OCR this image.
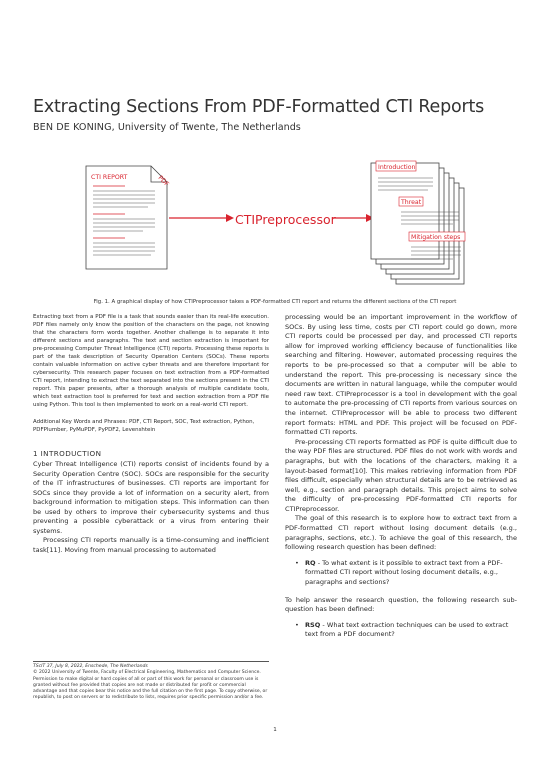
Extracting Sections From PDF-Formatted CTI Reports
BEN DE KONING, University of Twente, The Netherlands
CTI REPORT	PDF
CTIPreprocessor
Introduction
Threat
Mitigation steps
Fig. 1. A graphical display of how CTIPreprocessor takes a PDF-formatted CTI report and returns the different sections of the CTI report
Extracting text from a PDF file is a task that sounds easier than its real-life execution. PDF files namely only know the position of the characters on the page, not knowing that the characters form words together. Another challenge is to separate it into different sections and paragraphs. The text and section extraction is important for pre-processing Computer Threat Intelligence (CTI) reports. Processing these reports is part of the task description of Security Operation Centers (SOCs). These reports contain valuable information on active cyber threats and are therefore important for cybersecurity. This research paper focuses on text extraction from a PDF-formatted CTI report, intending to extract the text separated into the sections present in the CTI report. This paper presents, after a thorough analysis of multiple candidate tools, which text extraction tool is preferred for text and section extraction from a PDF file using Python. This tool is then implemented to work on a real-world CTI report.
Additional Key Words and Phrases: PDF, CTI Report, SOC, Text extraction, Python, PDFPlumber, PyMuPDF, PyPDF2, Levenshtein
1 INTRODUCTION

Cyber Threat Intelligence (CTI) reports consist of incidents found by a Security Operation Centre (SOC). SOCs are responsible for the security of the IT infrastructures of businesses. CTI reports are important for SOCs since they provide a lot of information on a security alert, from background information to mitigation steps. This information can then be used by others to improve their cybersecurity systems and thus preventing a possible cyberattack or a virus from entering their systems.

Processing CTI reports manually is a time-consuming and inefficient task[11]. Moving from manual processing to automated

TScIT 37, July 8, 2022, Enschede, The Netherlands
© 2022 University of Twente, Faculty of Electrical Engineering, Mathematics and Computer Science.
Permission to make digital or hard copies of all or part of this work for personal or classroom use is granted without fee provided that copies are not made or distributed for profit or commercial advantage and that copies bear this notice and the full citation on the first page. To copy otherwise, or republish, to post on servers or to redistribute to lists, requires prior specific permission and/or a fee.

processing would be an important improvement in the workflow of SOCs. By using less time, costs per CTI report could go down, more CTI reports could be processed per day, and processed CTI reports allow for improved working efficiency because of functionalities like searching and filtering. However, automated processing requires the reports to be pre-processed so that a computer will be able to understand the report. This pre-processing is necessary since the documents are written in natural language, while the computer would need raw text. CTIPreprocessor is a tool in development with the goal to automate the pre-processing of CTI reports from various sources on the internet. CTIPreprocessor will be able to process two different report formats: HTML and PDF. This project will be focused on PDF-formatted CTI reports.

Pre-processing CTI reports formatted as PDF is quite difficult due to the way PDF files are structured. PDF files do not work with words and paragraphs, but with the locations of the characters, making it a layout-based format[10]. This makes retrieving information from PDF files difficult, especially when structural details are to be retrieved as well, e.g., section and paragraph details. This project aims to solve the difficulty of pre-processing PDF-formatted CTI reports for CTIPreprocessor.

The goal of this research is to explore how to extract text from a PDF-formatted CTI report without losing document details (e.g., paragraphs, sections, etc.). To achieve the goal of this research, the following research question has been defined:

• RQ - To what extent is it possible to extract text from a PDF-formatted CTI report without losing document details, e.g., paragraphs and sections?

To help answer the research question, the following research sub-question has been defined:

• RSQ - What text extraction techniques can be used to extract text from a PDF document?
1
